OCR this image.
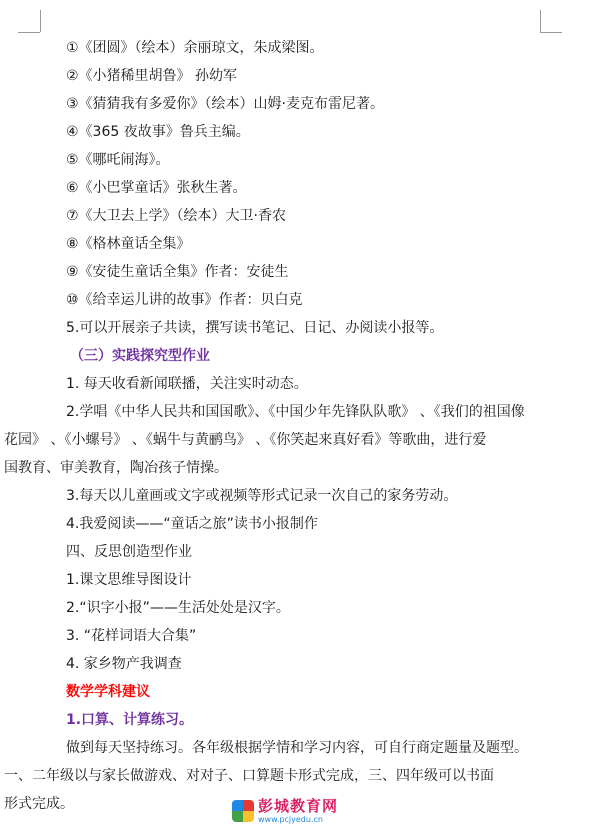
①《团圆》（绘本）余丽琼文，朱成梁图。
②《小猪稀里胡鲁》 孙幼军
③《猜猜我有多爱你》（绘本）山姆·麦克布雷尼著。
④《365 夜故事》鲁兵主编。
⑤《哪吒闹海》。
⑥《小巴掌童话》张秋生著。
⑦《大卫去上学》（绘本）大卫·香农
⑧《格林童话全集》
⑨《安徒生童话全集》作者：安徒生
⑩《给幸运儿讲的故事》作者：贝白克
5.可以开展亲子共读，撰写读书笔记、日记、办阅读小报等。
（三）实践探究型作业
1. 每天收看新闻联播，关注实时动态。
2.学唱《中华人民共和国国歌》、《中国少年先锋队队歌》 、《我们的祖国像
花园》 、《小螺号》 、《蜗牛与黄鹂鸟》 、《你笑起来真好看》等歌曲，进行爱
国教育、审美教育，陶冶孩子情操。
3.每天以儿童画或文字或视频等形式记录一次自己的家务劳动。
4.我爱阅读——“童话之旅”读书小报制作
四、反思创造型作业
1.课文思维导图设计
2.“识字小报”——生活处处是汉字。
3. “花样词语大合集”
4. 家乡物产我调查
数学学科建议
1.口算、计算练习。
做到每天坚持练习。各年级根据学情和学习内容，可自行商定题量及题型。
一、二年级以与家长做游戏、对对子、口算题卡形式完成，三、四年级可以书面
形式完成。	彭城教育网
www.pcjyedu.cn
